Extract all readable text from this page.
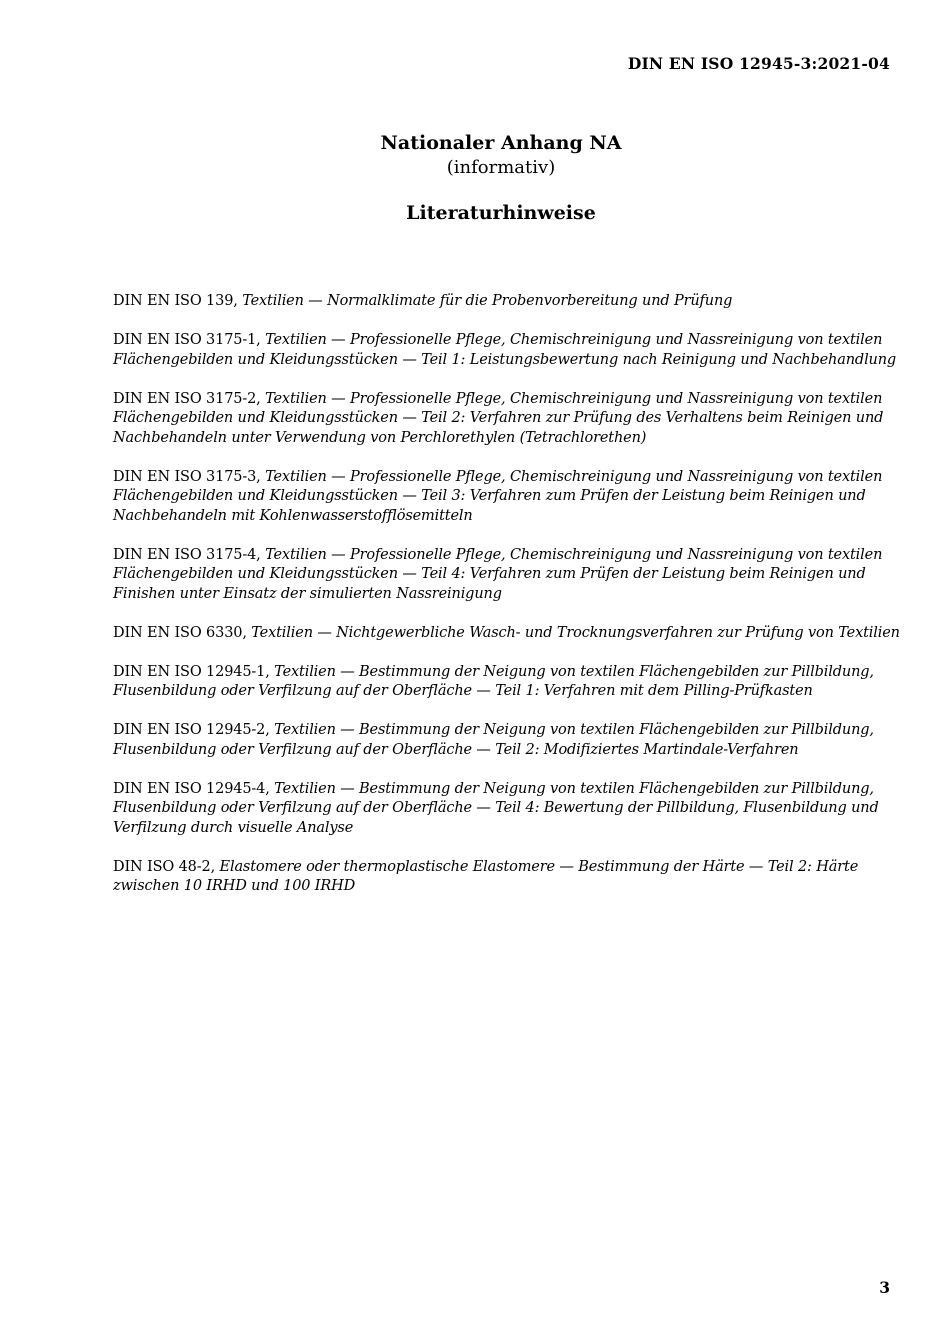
DIN EN ISO 12945-3:2021-04

Nationaler Anhang NA

(informativ)

Literaturhinweise

DIN EN ISO 139, Textilien — Normalklimate für die Probenvorbereitung und Prüfung

DIN EN ISO 3175-1, Textilien — Professionelle Pflege, Chemischreinigung und Nassreinigung von textilen Flächengebilden und Kleidungsstücken — Teil 1: Leistungsbewertung nach Reinigung und Nachbehandlung

DIN EN ISO 3175-2, Textilien — Professionelle Pflege, Chemischreinigung und Nassreinigung von textilen Flächengebilden und Kleidungsstücken — Teil 2: Verfahren zur Prüfung des Verhaltens beim Reinigen und Nachbehandeln unter Verwendung von Perchlorethylen (Tetrachlorethen)

DIN EN ISO 3175-3, Textilien — Professionelle Pflege, Chemischreinigung und Nassreinigung von textilen Flächengebilden und Kleidungsstücken — Teil 3: Verfahren zum Prüfen der Leistung beim Reinigen und Nachbehandeln mit Kohlenwasserstofflösemitteln

DIN EN ISO 3175-4, Textilien — Professionelle Pflege, Chemischreinigung und Nassreinigung von textilen Flächengebilden und Kleidungsstücken — Teil 4: Verfahren zum Prüfen der Leistung beim Reinigen und Finishen unter Einsatz der simulierten Nassreinigung

DIN EN ISO 6330, Textilien — Nichtgewerbliche Wasch- und Trocknungsverfahren zur Prüfung von Textilien

DIN EN ISO 12945-1, Textilien — Bestimmung der Neigung von textilen Flächengebilden zur Pillbildung, Flusenbildung oder Verfilzung auf der Oberfläche — Teil 1: Verfahren mit dem Pilling-Prüfkasten

DIN EN ISO 12945-2, Textilien — Bestimmung der Neigung von textilen Flächengebilden zur Pillbildung, Flusenbildung oder Verfilzung auf der Oberfläche — Teil 2: Modifiziertes Martindale-Verfahren

DIN EN ISO 12945-4, Textilien — Bestimmung der Neigung von textilen Flächengebilden zur Pillbildung, Flusenbildung oder Verfilzung auf der Oberfläche — Teil 4: Bewertung der Pillbildung, Flusenbildung und Verfilzung durch visuelle Analyse

DIN ISO 48-2, Elastomere oder thermoplastische Elastomere — Bestimmung der Härte — Teil 2: Härte zwischen 10 IRHD und 100 IRHD

3
